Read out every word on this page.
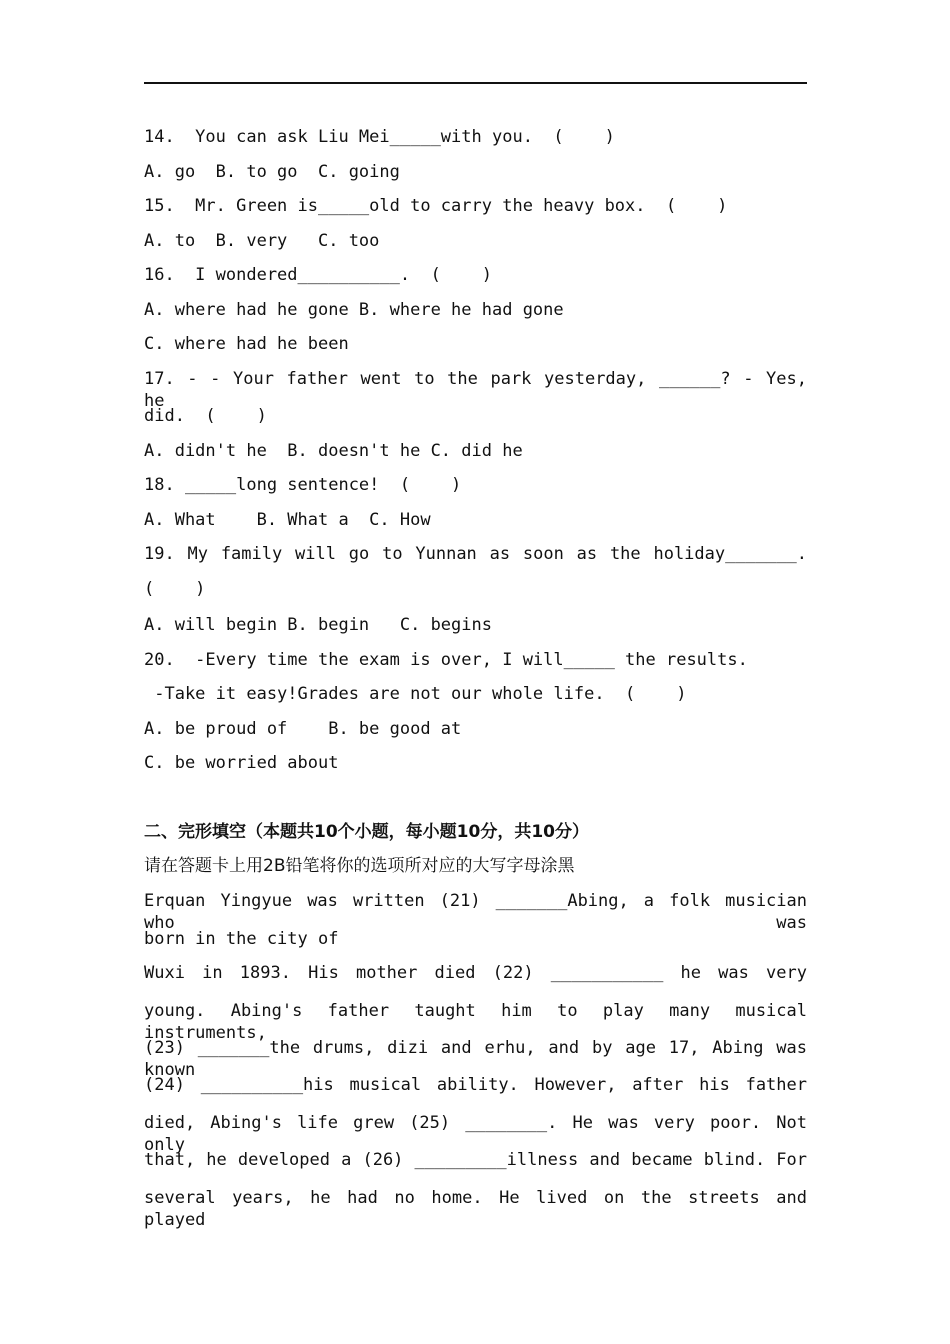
14.  You can ask Liu Mei_____with you.  (    )
A. go  B. to go  C. going
15.  Mr. Green is_____old to carry the heavy box.  (    )
A. to  B. very   C. too
16.  I wondered__________.  (    )
A. where had he gone B. where he had gone
C. where had he been
17. - - Your father went to the park yesterday, ______? - Yes, he
did.  (    )
A. didn't he  B. doesn't he C. did he
18. _____long sentence!  (    )
A. What    B. What a  C. How
19. My family will go to Yunnan as soon as the holiday_______.
(    )
A. will begin B. begin   C. begins
20.  -Every time the exam is over, I will_____ the results.
-Take it easy!Grades are not our whole life.  (    )
A. be proud of    B. be good at
C. be worried about
二、完形填空（本题共10个小题，每小题10分，共10分）
请在答题卡上用2B铅笔将你的选项所对应的大写字母涂黑
Erquan Yingyue was written (21) _______Abing, a folk musician who was
born in the city of
Wuxi in 1893. His mother died (22) ___________ he was very
young. Abing's father taught him to play many musical instruments,
(23) _______the drums, dizi and erhu, and by age 17, Abing was known
(24) __________his musical ability. However, after his father
died, Abing's life grew (25) ________. He was very poor. Not only
that, he developed a (26) _________illness and became blind. For
several years, he had no home. He lived on the streets and played
